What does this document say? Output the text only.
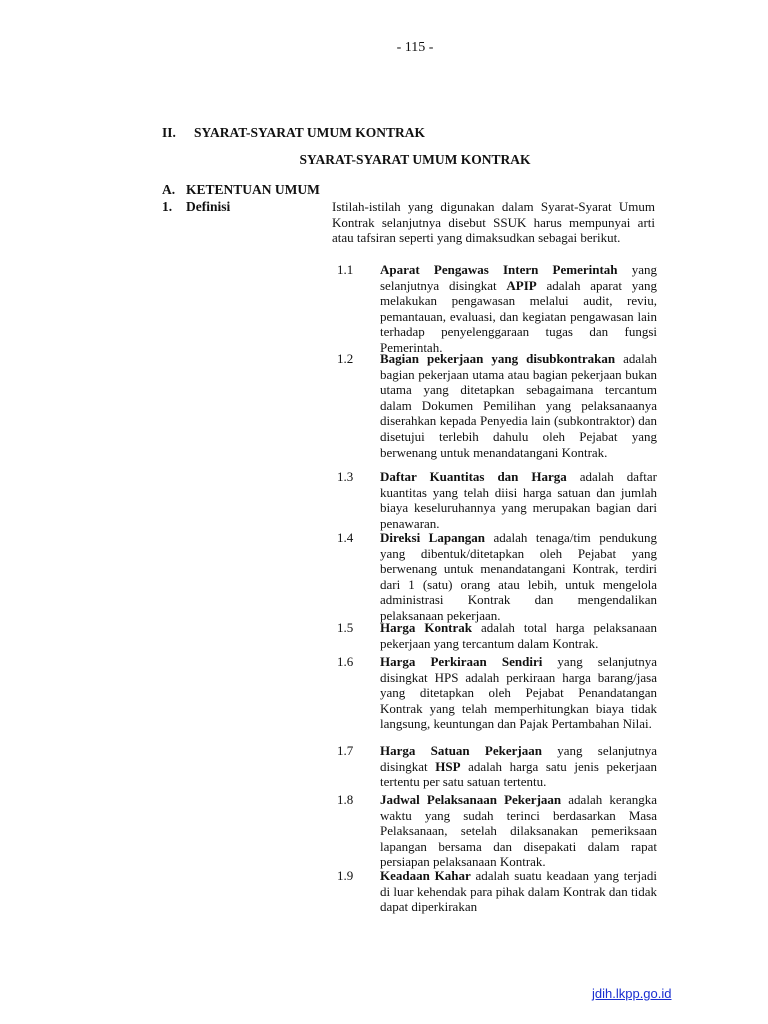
- 115 -
II. SYARAT-SYARAT UMUM KONTRAK
SYARAT-SYARAT UMUM KONTRAK
A. KETENTUAN UMUM
1. Definisi	Istilah-istilah yang digunakan dalam Syarat-Syarat Umum Kontrak selanjutnya disebut SSUK harus mempunyai arti atau tafsiran seperti yang dimaksudkan sebagai berikut.
1.1	Aparat Pengawas Intern Pemerintah yang selanjutnya disingkat APIP adalah aparat yang melakukan pengawasan melalui audit, reviu, pemantauan, evaluasi, dan kegiatan pengawasan lain terhadap penyelenggaraan tugas dan fungsi Pemerintah.
1.2	Bagian pekerjaan yang disubkontrakan adalah bagian pekerjaan utama atau bagian pekerjaan bukan utama yang ditetapkan sebagaimana tercantum dalam Dokumen Pemilihan yang pelaksanaanya diserahkan kepada Penyedia lain (subkontraktor) dan disetujui terlebih dahulu oleh Pejabat yang berwenang untuk menandatangani Kontrak.
1.3	Daftar Kuantitas dan Harga adalah daftar kuantitas yang telah diisi harga satuan dan jumlah biaya keseluruhannya yang merupakan bagian dari penawaran.
1.4	Direksi Lapangan adalah tenaga/tim pendukung yang dibentuk/ditetapkan oleh Pejabat yang berwenang untuk menandatangani Kontrak, terdiri dari 1 (satu) orang atau lebih, untuk mengelola administrasi Kontrak dan mengendalikan pelaksanaan pekerjaan.
1.5	Harga Kontrak adalah total harga pelaksanaan pekerjaan yang tercantum dalam Kontrak.
1.6	Harga Perkiraan Sendiri yang selanjutnya disingkat HPS adalah perkiraan harga barang/jasa yang ditetapkan oleh Pejabat Penandatangan Kontrak yang telah memperhitungkan biaya tidak langsung, keuntungan dan Pajak Pertambahan Nilai.
1.7	Harga Satuan Pekerjaan yang selanjutnya disingkat HSP adalah harga satu jenis pekerjaan tertentu per satu satuan tertentu.
1.8	Jadwal Pelaksanaan Pekerjaan adalah kerangka waktu yang sudah terinci berdasarkan Masa Pelaksanaan, setelah dilaksanakan pemeriksaan lapangan bersama dan disepakati dalam rapat persiapan pelaksanaan Kontrak.
1.9	Keadaan Kahar adalah suatu keadaan yang terjadi di luar kehendak para pihak dalam Kontrak dan tidak dapat diperkirakan
jdih.lkpp.go.id
